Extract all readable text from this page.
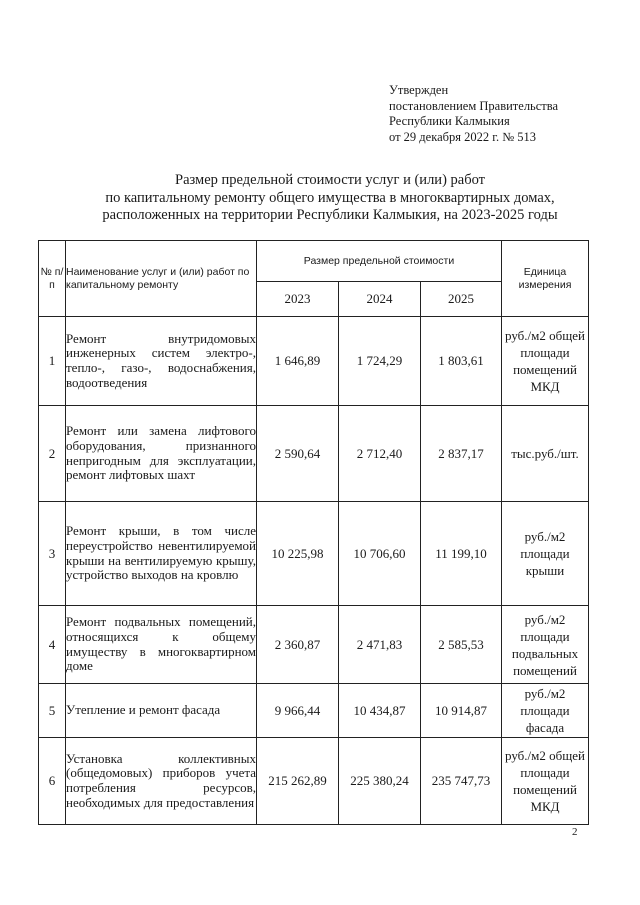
Утвержден
постановлением Правительства
Республики Калмыкия
от 29 декабря 2022 г. № 513
Размер предельной стоимости услуг и (или) работ
по капитальному ремонту общего имущества в многоквартирных домах,
расположенных на территории Республики Калмыкия, на 2023-2025 годы
№ п/п	Наименование услуг и (или) работ по капитальному ремонту	Размер предельной стоимости			Единица измерения
		2023	2024	2025	
1	Ремонт внутридомовых инженерных систем электро-, тепло-, газо-, водоснабжения, водоотведения	1 646,89	1 724,29	1 803,61	руб./м2 общей площади помещений МКД
2	Ремонт или замена лифтового оборудования, признанного непригодным для эксплуатации, ремонт лифтовых шахт	2 590,64	2 712,40	2 837,17	тыс.руб./шт.
3	Ремонт крыши, в том числе переустройство невентилируемой крыши на вентилируемую крышу, устройство выходов на кровлю	10 225,98	10 706,60	11 199,10	руб./м2 площади крыши
4	Ремонт подвальных помещений, относящихся к общему имуществу в многоквартирном доме	2 360,87	2 471,83	2 585,53	руб./м2 площади подвальных помещений
5	Утепление и ремонт фасада	9 966,44	10 434,87	10 914,87	руб./м2 площади фасада
6	Установка коллективных (общедомовых) приборов учета потребления ресурсов, необходимых для предоставления	215 262,89	225 380,24	235 747,73	руб./м2 общей площади помещений МКД
2
